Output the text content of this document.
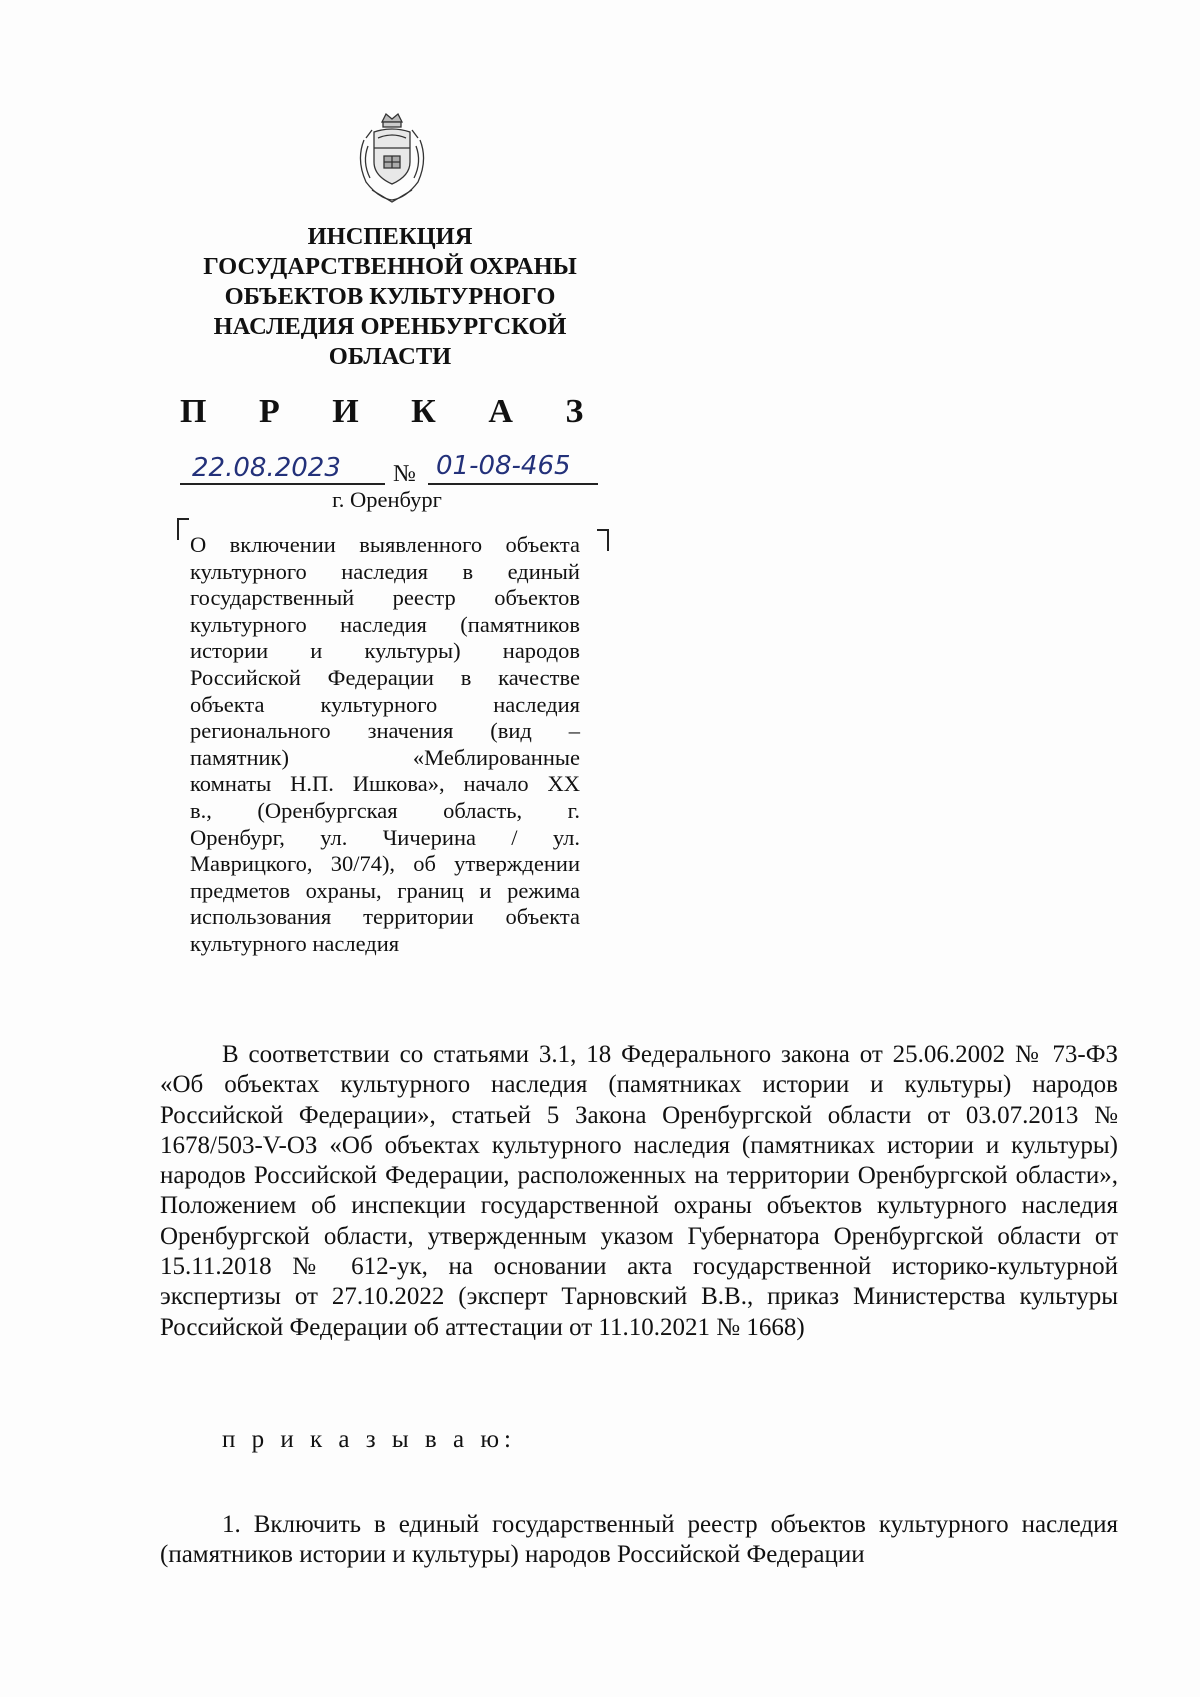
ИНСПЕКЦИЯ
ГОСУДАРСТВЕННОЙ ОХРАНЫ
ОБЪЕКТОВ КУЛЬТУРНОГО
НАСЛЕДИЯ ОРЕНБУРГСКОЙ
ОБЛАСТИ
П Р И К А З
22.08.2023 № 01-08-465
г. Оренбург
О включении выявленного объекта
культурного наследия в единый
государственный реестр объектов
культурного наследия (памятников
истории и культуры) народов
Российской Федерации в качестве
объекта культурного наследия
регионального значения (вид –
памятник)	«Меблированные
комнаты Н.П. Ишкова», начало XX
в., (Оренбургская область, г.
Оренбург, ул. Чичерина / ул.
Маврицкого, 30/74), об утверждении
предметов охраны, границ и режима
использования территории объекта
культурного наследия

В соответствии со статьями 3.1, 18 Федерального закона от 25.06.2002 № 73-ФЗ «Об объектах культурного наследия (памятниках истории и культуры) народов Российской Федерации», статьей 5 Закона Оренбургской области от 03.07.2013 № 1678/503-V-ОЗ «Об объектах культурного наследия (памятниках истории и культуры) народов Российской Федерации, расположенных на территории Оренбургской области», Положением об инспекции государственной охраны объектов культурного наследия Оренбургской области, утвержденным указом Губернатора Оренбургской области от 15.11.2018 № 612-ук, на основании акта государственной историко-культурной экспертизы от 27.10.2022 (эксперт Тарновский В.В., приказ Министерства культуры Российской Федерации об аттестации от 11.10.2021 № 1668)

п р и к а з ы в а ю:

1. Включить в единый государственный реестр объектов культурного наследия (памятников истории и культуры) народов Российской Федерации
